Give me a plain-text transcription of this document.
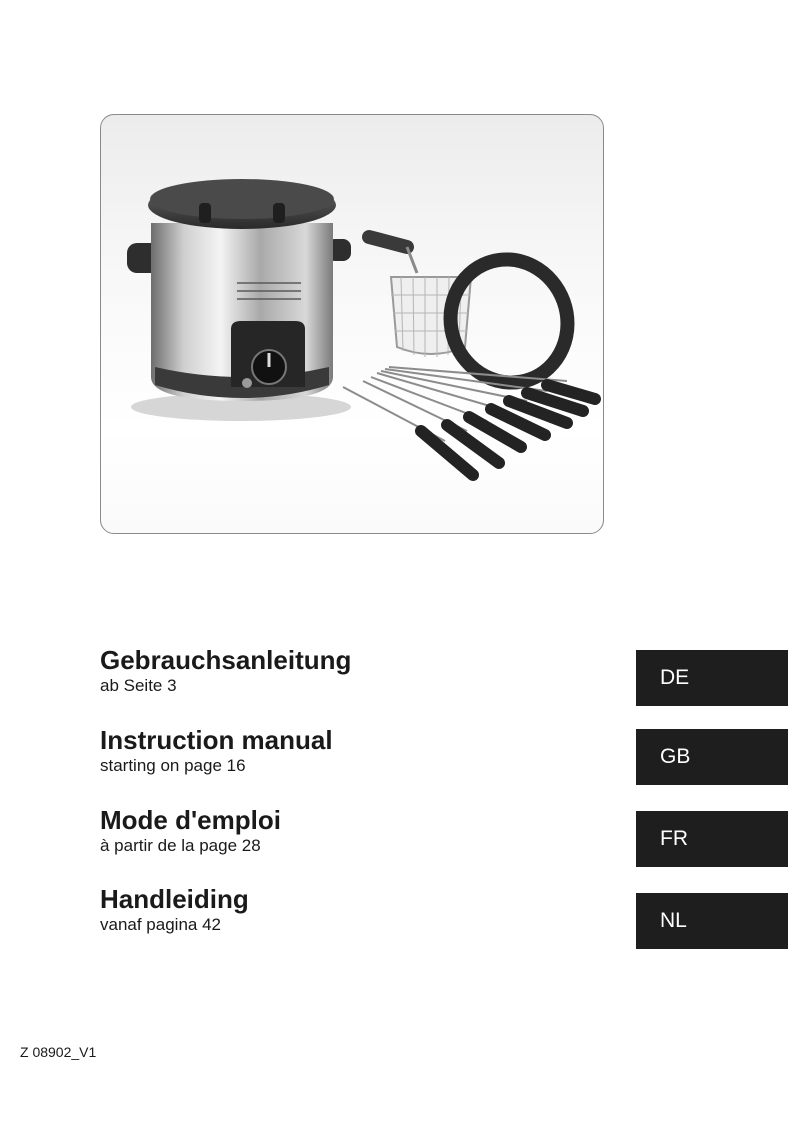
Gebrauchsanleitung
ab Seite 3	DE
Instruction manual
starting on page 16	GB
Mode d'emploi
à partir de la page 28	FR
Handleiding
vanaf pagina 42	NL
Z 08902_V1
